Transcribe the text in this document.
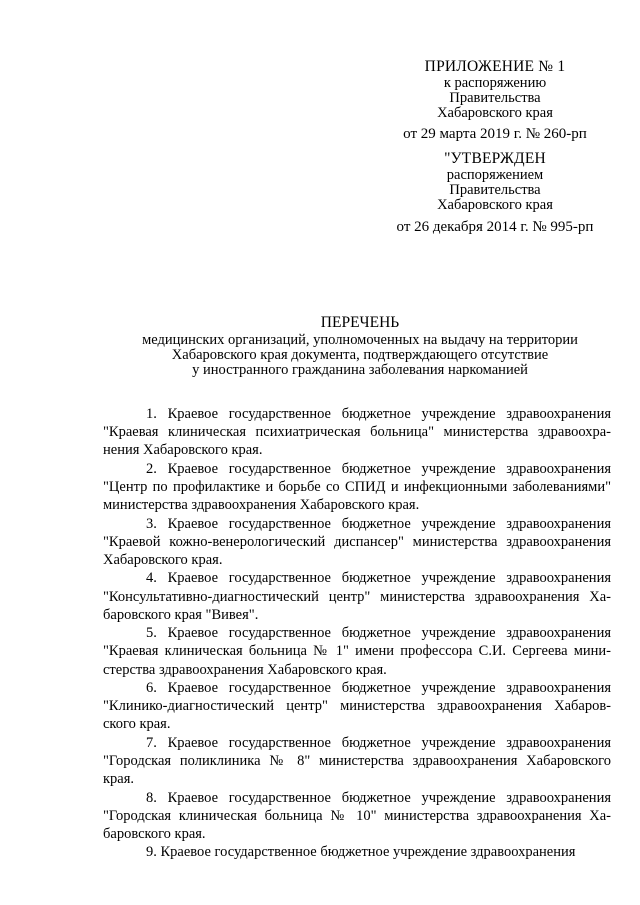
ПРИЛОЖЕНИЕ № 1
к распоряжению
Правительства
Хабаровского края
от 29 марта 2019 г. № 260-рп
"УТВЕРЖДЕН
распоряжением
Правительства
Хабаровского края
от 26 декабря 2014 г. № 995-рп
ПЕРЕЧЕНЬ
медицинских организаций, уполномоченных на выдачу на территории
Хабаровского края документа, подтверждающего отсутствие
у иностранного гражданина заболевания наркоманией
1. Краевое государственное бюджетное учреждение здравоохранения
"Краевая клиническая психиатрическая больница" министерства здравоохра-
нения Хабаровского края.
2. Краевое государственное бюджетное учреждение здравоохранения
"Центр по профилактике и борьбе со СПИД и инфекционными заболеваниями"
министерства здравоохранения Хабаровского края.
3. Краевое государственное бюджетное учреждение здравоохранения
"Краевой кожно-венерологический диспансер" министерства здравоохранения
Хабаровского края.
4. Краевое государственное бюджетное учреждение здравоохранения
"Консультативно-диагностический центр" министерства здравоохранения Ха-
баровского края "Вивея".
5. Краевое государственное бюджетное учреждение здравоохранения
"Краевая клиническая больница № 1" имени профессора С.И. Сергеева мини-
стерства здравоохранения Хабаровского края.
6. Краевое государственное бюджетное учреждение здравоохранения
"Клинико-диагностический центр" министерства здравоохранения Хабаров-
ского края.
7. Краевое государственное бюджетное учреждение здравоохранения
"Городская поликлиника № 8" министерства здравоохранения Хабаровского
края.
8. Краевое государственное бюджетное учреждение здравоохранения
"Городская клиническая больница № 10" министерства здравоохранения Ха-
баровского края.
9. Краевое государственное бюджетное учреждение здравоохранения
